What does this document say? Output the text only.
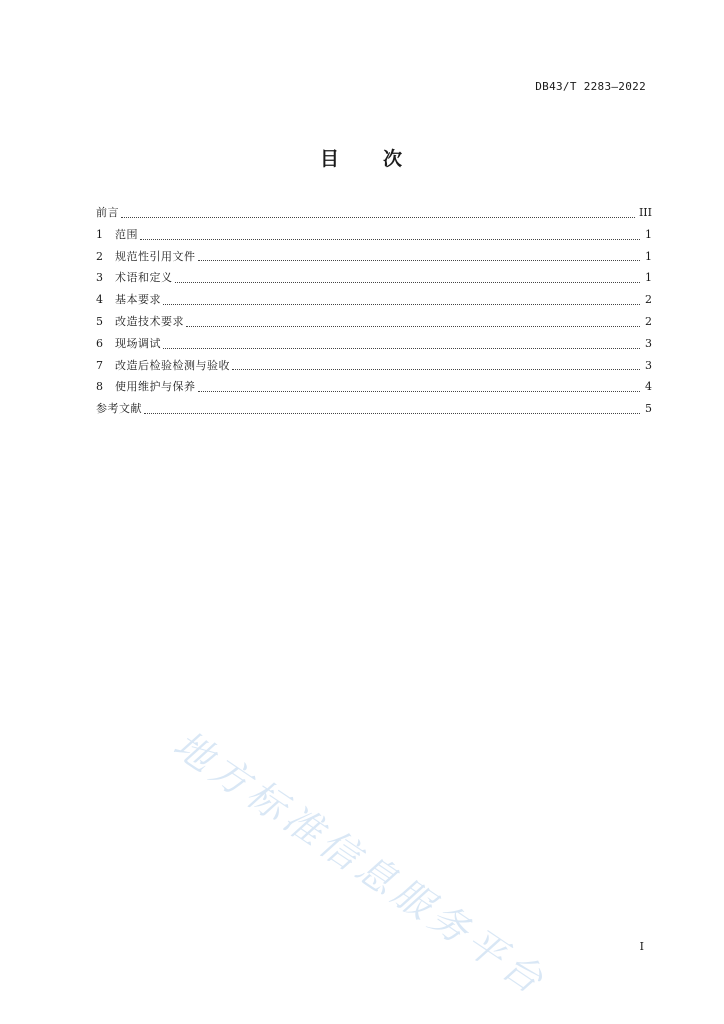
DB43/T 2283—2022
目　　次
前言	III
1	范围	1
2	规范性引用文件	1
3	术语和定义	1
4	基本要求	2
5	改造技术要求	2
6	现场调试	3
7	改造后检验检测与验收	3
8	使用维护与保养	4
参考文献	5
地方标准信息服务平台	I
